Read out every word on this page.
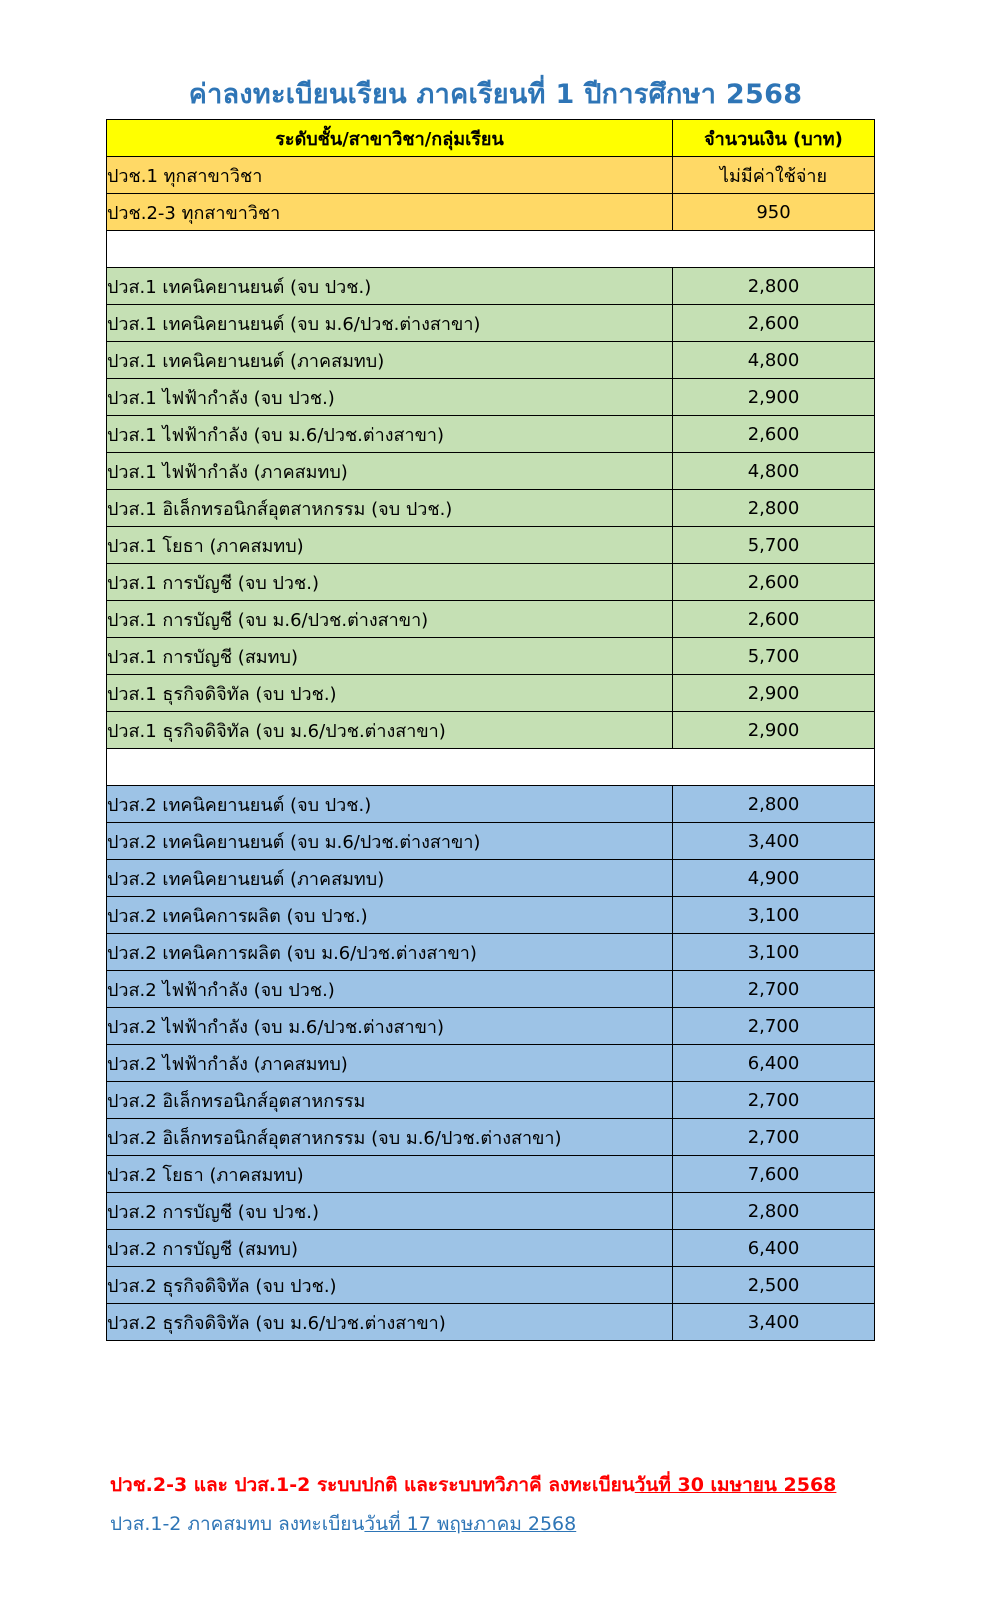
ค่าลงทะเบียนเรียน ภาคเรียนที่ 1 ปีการศึกษา 2568
ระดับชั้น/สาขาวิชา/กลุ่มเรียน	จำนวนเงิน (บาท)
ปวช.1 ทุกสาขาวิชา	ไม่มีค่าใช้จ่าย
ปวช.2-3 ทุกสาขาวิชา	950

ปวส.1 เทคนิคยานยนต์ (จบ ปวช.)	2,800
ปวส.1 เทคนิคยานยนต์ (จบ ม.6/ปวช.ต่างสาขา)	2,600
ปวส.1 เทคนิคยานยนต์ (ภาคสมทบ)	4,800
ปวส.1 ไฟฟ้ากำลัง (จบ ปวช.)	2,900
ปวส.1 ไฟฟ้ากำลัง (จบ ม.6/ปวช.ต่างสาขา)	2,600
ปวส.1 ไฟฟ้ากำลัง (ภาคสมทบ)	4,800
ปวส.1 อิเล็กทรอนิกส์อุตสาหกรรม (จบ ปวช.)	2,800
ปวส.1 โยธา (ภาคสมทบ)	5,700
ปวส.1 การบัญชี (จบ ปวช.)	2,600
ปวส.1 การบัญชี (จบ ม.6/ปวช.ต่างสาขา)	2,600
ปวส.1 การบัญชี (สมทบ)	5,700
ปวส.1 ธุรกิจดิจิทัล (จบ ปวช.)	2,900
ปวส.1 ธุรกิจดิจิทัล (จบ ม.6/ปวช.ต่างสาขา)	2,900

ปวส.2 เทคนิคยานยนต์ (จบ ปวช.)	2,800
ปวส.2 เทคนิคยานยนต์ (จบ ม.6/ปวช.ต่างสาขา)	3,400
ปวส.2 เทคนิคยานยนต์ (ภาคสมทบ)	4,900
ปวส.2 เทคนิคการผลิต (จบ ปวช.)	3,100
ปวส.2 เทคนิคการผลิต (จบ ม.6/ปวช.ต่างสาขา)	3,100
ปวส.2 ไฟฟ้ากำลัง (จบ ปวช.)	2,700
ปวส.2 ไฟฟ้ากำลัง (จบ ม.6/ปวช.ต่างสาขา)	2,700
ปวส.2 ไฟฟ้ากำลัง (ภาคสมทบ)	6,400
ปวส.2 อิเล็กทรอนิกส์อุตสาหกรรม	2,700
ปวส.2 อิเล็กทรอนิกส์อุตสาหกรรม (จบ ม.6/ปวช.ต่างสาขา)	2,700
ปวส.2 โยธา (ภาคสมทบ)	7,600
ปวส.2 การบัญชี (จบ ปวช.)	2,800
ปวส.2 การบัญชี (สมทบ)	6,400
ปวส.2 ธุรกิจดิจิทัล (จบ ปวช.)	2,500
ปวส.2 ธุรกิจดิจิทัล (จบ ม.6/ปวช.ต่างสาขา)	3,400
ปวช.2-3 และ ปวส.1-2 ระบบปกติ และระบบทวิภาคี ลงทะเบียนวันที่ 30 เมษายน 2568
ปวส.1-2 ภาคสมทบ ลงทะเบียนวันที่ 17 พฤษภาคม 2568
